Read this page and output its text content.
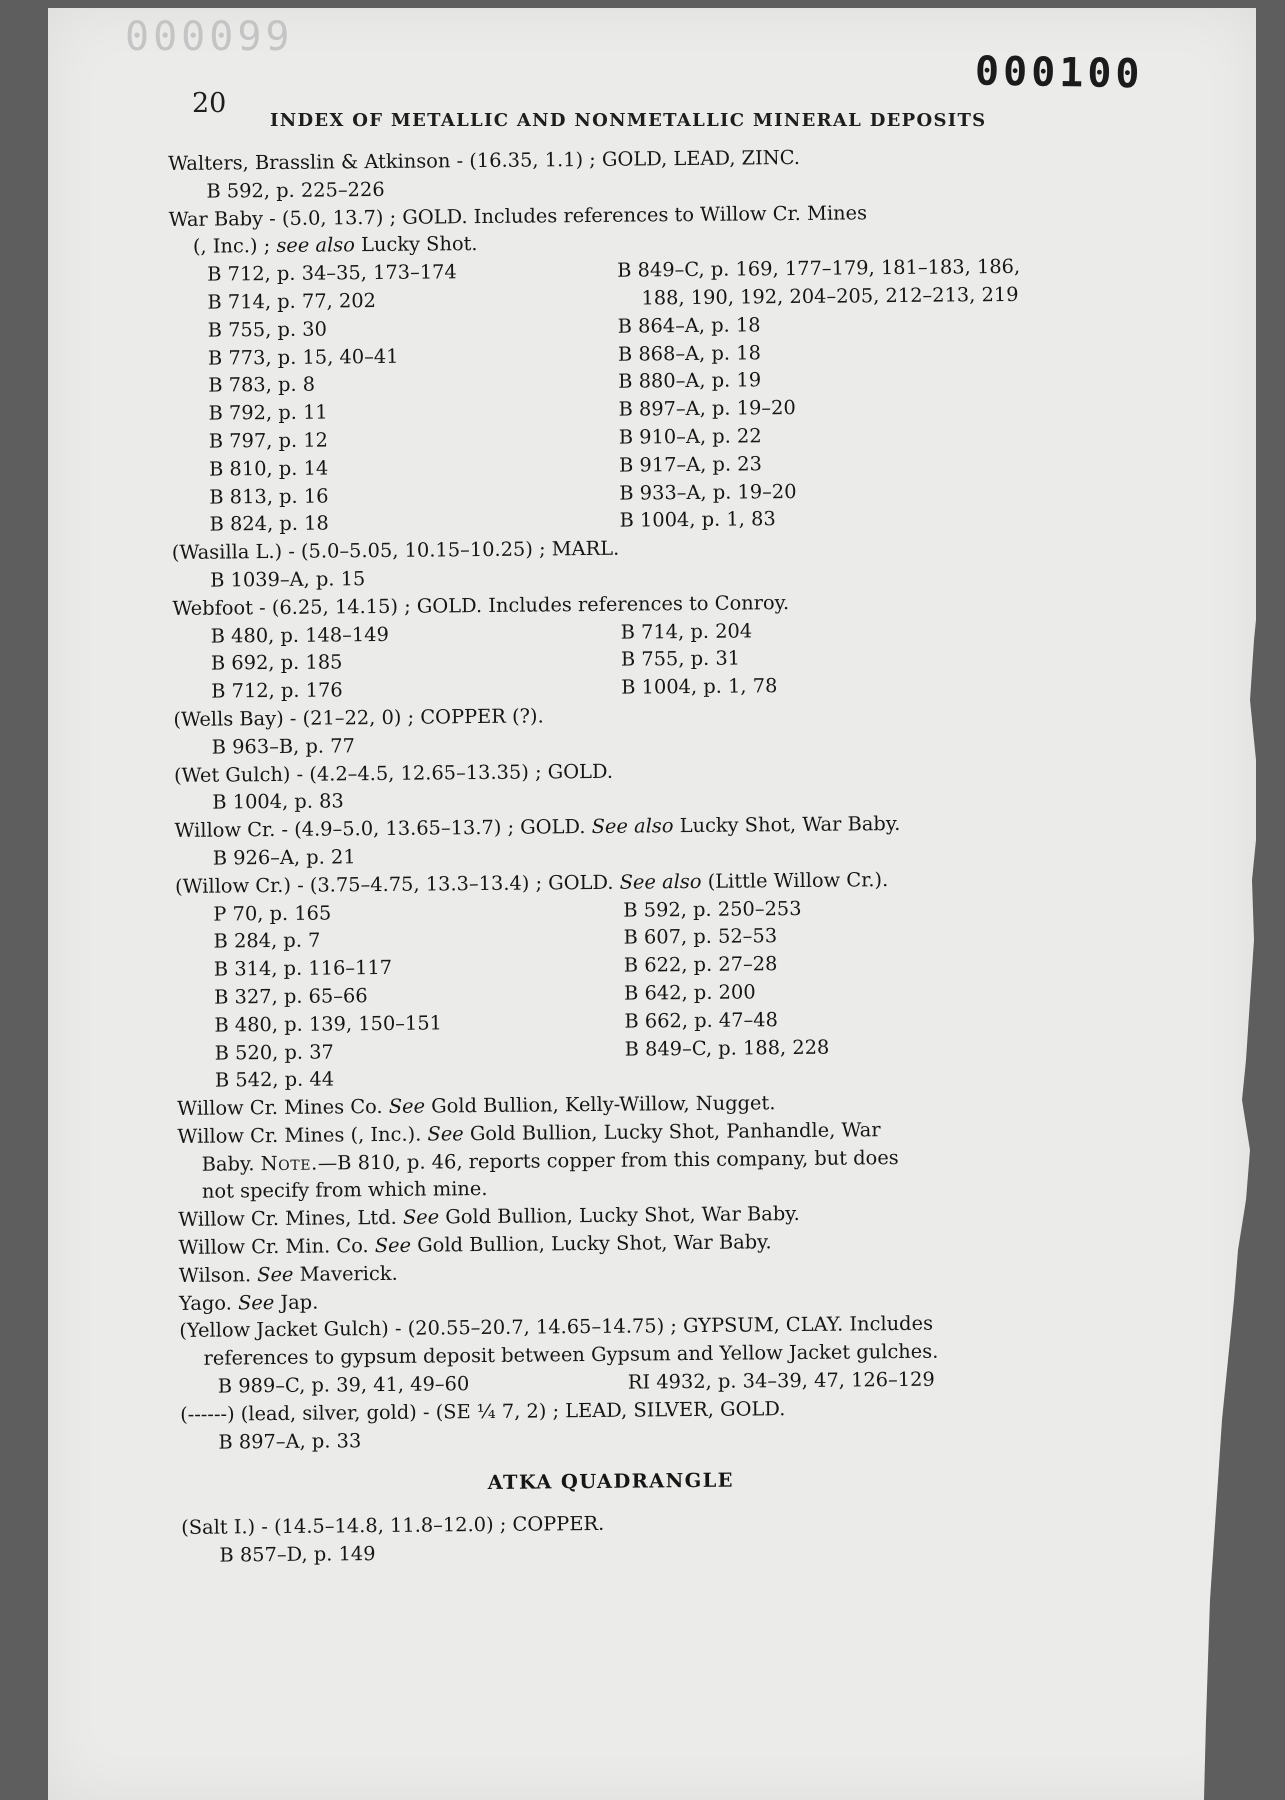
000099
000100
20
INDEX OF METALLIC AND NONMETALLIC MINERAL DEPOSITS
Walters, Brasslin & Atkinson - (16.35, 1.1) ; GOLD, LEAD, ZINC.
B 592, p. 225–226
War Baby - (5.0, 13.7) ; GOLD. Includes references to Willow Cr. Mines
(, Inc.) ; see also Lucky Shot.
B 712, p. 34–35, 173–174
B 714, p. 77, 202
B 755, p. 30
B 773, p. 15, 40–41
B 783, p. 8
B 792, p. 11
B 797, p. 12
B 810, p. 14
B 813, p. 16
B 824, p. 18
B 849–C, p. 169, 177–179, 181–183, 186,
188, 190, 192, 204–205, 212–213, 219
B 864–A, p. 18
B 868–A, p. 18
B 880–A, p. 19
B 897–A, p. 19–20
B 910–A, p. 22
B 917–A, p. 23
B 933–A, p. 19–20
B 1004, p. 1, 83
(Wasilla L.) - (5.0–5.05, 10.15–10.25) ; MARL.
B 1039–A, p. 15
Webfoot - (6.25, 14.15) ; GOLD. Includes references to Conroy.
B 480, p. 148–149
B 692, p. 185
B 712, p. 176
B 714, p. 204
B 755, p. 31
B 1004, p. 1, 78
(Wells Bay) - (21–22, 0) ; COPPER (?).
B 963–B, p. 77
(Wet Gulch) - (4.2–4.5, 12.65–13.35) ; GOLD.
B 1004, p. 83
Willow Cr. - (4.9–5.0, 13.65–13.7) ; GOLD. See also Lucky Shot, War Baby.
B 926–A, p. 21
(Willow Cr.) - (3.75–4.75, 13.3–13.4) ; GOLD. See also (Little Willow Cr.).
P 70, p. 165
B 284, p. 7
B 314, p. 116–117
B 327, p. 65–66
B 480, p. 139, 150–151
B 520, p. 37
B 542, p. 44
B 592, p. 250–253
B 607, p. 52–53
B 622, p. 27–28
B 642, p. 200
B 662, p. 47–48
B 849–C, p. 188, 228
Willow Cr. Mines Co. See Gold Bullion, Kelly-Willow, Nugget.
Willow Cr. Mines (, Inc.). See Gold Bullion, Lucky Shot, Panhandle, War
Baby. Note.—B 810, p. 46, reports copper from this company, but does
not specify from which mine.
Willow Cr. Mines, Ltd. See Gold Bullion, Lucky Shot, War Baby.
Willow Cr. Min. Co. See Gold Bullion, Lucky Shot, War Baby.
Wilson. See Maverick.
Yago. See Jap.
(Yellow Jacket Gulch) - (20.55–20.7, 14.65–14.75) ; GYPSUM, CLAY. Includes
references to gypsum deposit between Gypsum and Yellow Jacket gulches.
B 989–C, p. 39, 41, 49–60	RI 4932, p. 34–39, 47, 126–129
(------) (lead, silver, gold) - (SE ¼ 7, 2) ; LEAD, SILVER, GOLD.
B 897–A, p. 33
ATKA QUADRANGLE
(Salt I.) - (14.5–14.8, 11.8–12.0) ; COPPER.
B 857–D, p. 149
